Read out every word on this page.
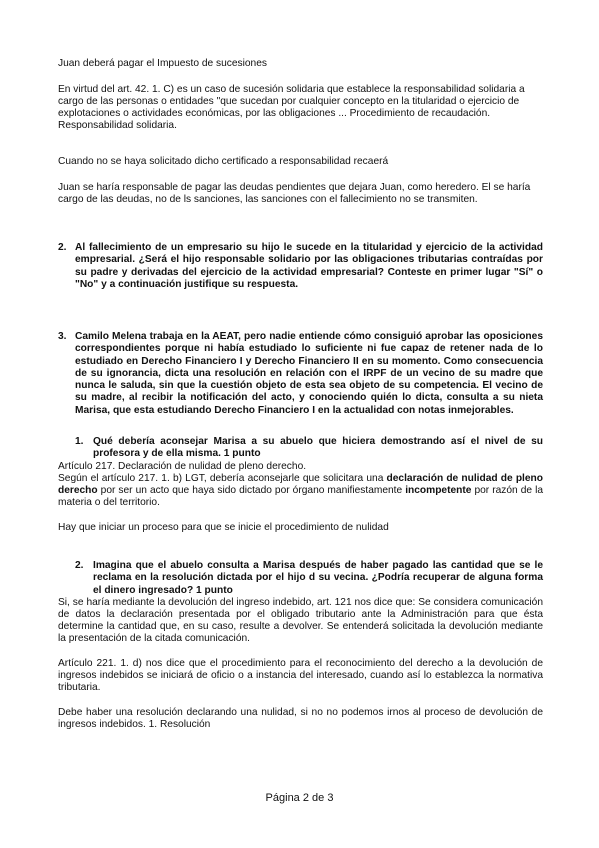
Juan deberá pagar el Impuesto de sucesiones

En virtud del art. 42. 1. C) es un caso de sucesión solidaria que establece la responsabilidad solidaria a cargo de las personas o entidades "que sucedan por cualquier concepto en la titularidad o ejercicio de explotaciones o actividades económicas, por las obligaciones ... Procedimiento de recaudación. Responsabilidad solidaria.

Cuando no se haya solicitado dicho certificado a responsabilidad recaerá

Juan se haría responsable de pagar las deudas pendientes que dejara Juan, como heredero. El se haría cargo de las deudas, no de ls sanciones, las sanciones con el fallecimiento no se transmiten.

2. Al fallecimiento de un empresario su hijo le sucede en la titularidad y ejercicio de la actividad empresarial. ¿Será el hijo responsable solidario por las obligaciones tributarias contraídas por su padre y derivadas del ejercicio de la actividad empresarial? Conteste en primer lugar "Sí" o "No" y a continuación justifique su respuesta.

3. Camilo Melena trabaja en la AEAT, pero nadie entiende cómo consiguió aprobar las oposiciones correspondientes porque ni había estudiado lo suficiente ni fue capaz de retener nada de lo estudiado en Derecho Financiero I y Derecho Financiero II en su momento. Como consecuencia de su ignorancia, dicta una resolución en relación con el IRPF de un vecino de su madre que nunca le saluda, sin que la cuestión objeto de esta sea objeto de su competencia. El vecino de su madre, al recibir la notificación del acto, y conociendo quién lo dicta, consulta a su nieta Marisa, que esta estudiando Derecho Financiero I en la actualidad con notas inmejorables.

1. Qué debería aconsejar Marisa a su abuelo que hiciera demostrando así el nivel de su profesora y de ella misma. 1 punto

Artículo 217. Declaración de nulidad de pleno derecho.

Según el artículo 217. 1. b) LGT, debería aconsejarle que solicitara una declaración de nulidad de pleno derecho por ser un acto que haya sido dictado por órgano manifiestamente incompetente por razón de la materia o del territorio.

Hay que iniciar un proceso para que se inicie el procedimiento de nulidad

2. Imagina que el abuelo consulta a Marisa después de haber pagado las cantidad que se le reclama en la resolución dictada por el hijo d su vecina. ¿Podría recuperar de alguna forma el dinero ingresado? 1 punto

Si, se haría mediante la devolución del ingreso indebido, art. 121 nos dice que: Se considera comunicación de datos la declaración presentada por el obligado tributario ante la Administración para que ésta determine la cantidad que, en su caso, resulte a devolver. Se entenderá solicitada la devolución mediante la presentación de la citada comunicación.

Artículo 221. 1. d) nos dice que el procedimiento para el reconocimiento del derecho a la devolución de ingresos indebidos se iniciará de oficio o a instancia del interesado, cuando así lo establezca la normativa tributaria.

Debe haber una resolución declarando una nulidad, si no no podemos irnos al proceso de devolución de ingresos indebidos. 1. Resolución

Página 2 de 3
